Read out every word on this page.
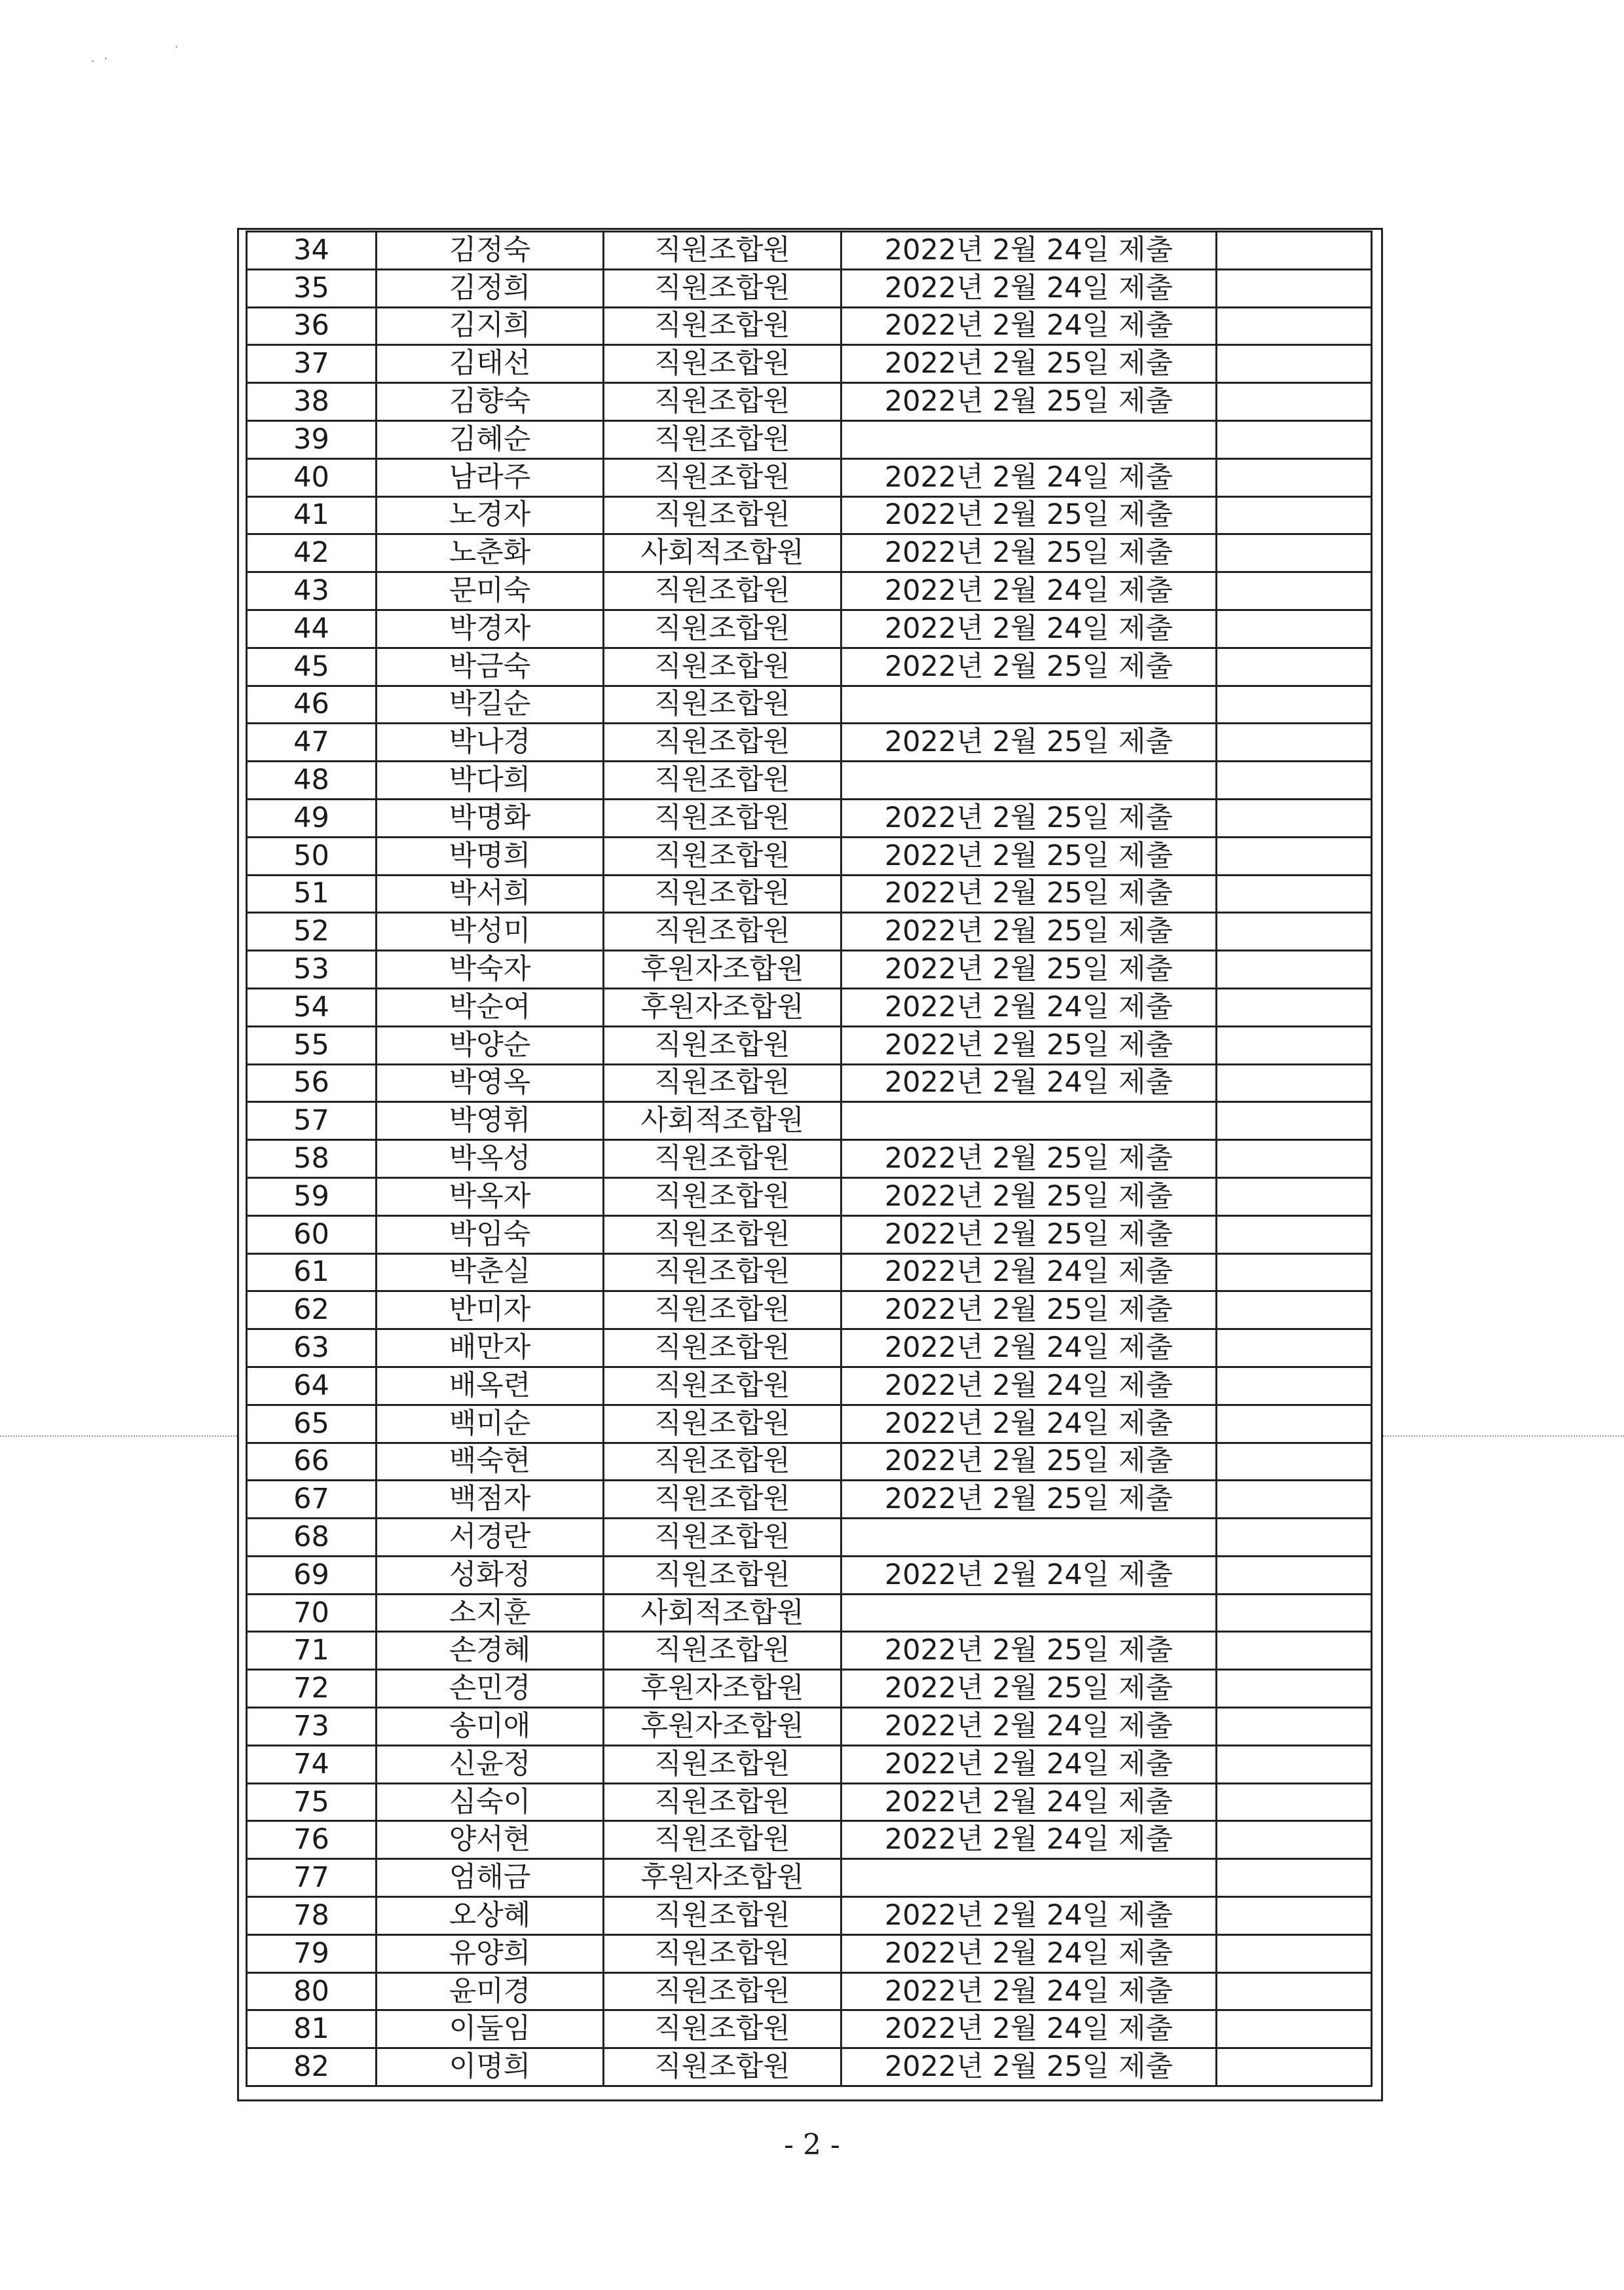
34	김정숙	직원조합원	2022년 2월 24일 제출	
35	김정희	직원조합원	2022년 2월 24일 제출	
36	김지희	직원조합원	2022년 2월 24일 제출	
37	김태선	직원조합원	2022년 2월 25일 제출	
38	김향숙	직원조합원	2022년 2월 25일 제출	
39	김혜순	직원조합원		
40	남라주	직원조합원	2022년 2월 24일 제출	
41	노경자	직원조합원	2022년 2월 25일 제출	
42	노춘화	사회적조합원	2022년 2월 25일 제출	
43	문미숙	직원조합원	2022년 2월 24일 제출	
44	박경자	직원조합원	2022년 2월 24일 제출	
45	박금숙	직원조합원	2022년 2월 25일 제출	
46	박길순	직원조합원		
47	박나경	직원조합원	2022년 2월 25일 제출	
48	박다희	직원조합원		
49	박명화	직원조합원	2022년 2월 25일 제출	
50	박명희	직원조합원	2022년 2월 25일 제출	
51	박서희	직원조합원	2022년 2월 25일 제출	
52	박성미	직원조합원	2022년 2월 25일 제출	
53	박숙자	후원자조합원	2022년 2월 25일 제출	
54	박순여	후원자조합원	2022년 2월 24일 제출	
55	박양순	직원조합원	2022년 2월 25일 제출	
56	박영옥	직원조합원	2022년 2월 24일 제출	
57	박영휘	사회적조합원		
58	박옥성	직원조합원	2022년 2월 25일 제출	
59	박옥자	직원조합원	2022년 2월 25일 제출	
60	박임숙	직원조합원	2022년 2월 25일 제출	
61	박춘실	직원조합원	2022년 2월 24일 제출	
62	반미자	직원조합원	2022년 2월 25일 제출	
63	배만자	직원조합원	2022년 2월 24일 제출	
64	배옥련	직원조합원	2022년 2월 24일 제출	
65	백미순	직원조합원	2022년 2월 24일 제출	
66	백숙현	직원조합원	2022년 2월 25일 제출	
67	백점자	직원조합원	2022년 2월 25일 제출	
68	서경란	직원조합원		
69	성화정	직원조합원	2022년 2월 24일 제출	
70	소지훈	사회적조합원		
71	손경혜	직원조합원	2022년 2월 25일 제출	
72	손민경	후원자조합원	2022년 2월 25일 제출	
73	송미애	후원자조합원	2022년 2월 24일 제출	
74	신윤정	직원조합원	2022년 2월 24일 제출	
75	심숙이	직원조합원	2022년 2월 24일 제출	
76	양서현	직원조합원	2022년 2월 24일 제출	
77	엄해금	후원자조합원		
78	오상혜	직원조합원	2022년 2월 24일 제출	
79	유양희	직원조합원	2022년 2월 24일 제출	
80	윤미경	직원조합원	2022년 2월 24일 제출	
81	이둘임	직원조합원	2022년 2월 24일 제출	
82	이명희	직원조합원	2022년 2월 25일 제출	
- 2 -
